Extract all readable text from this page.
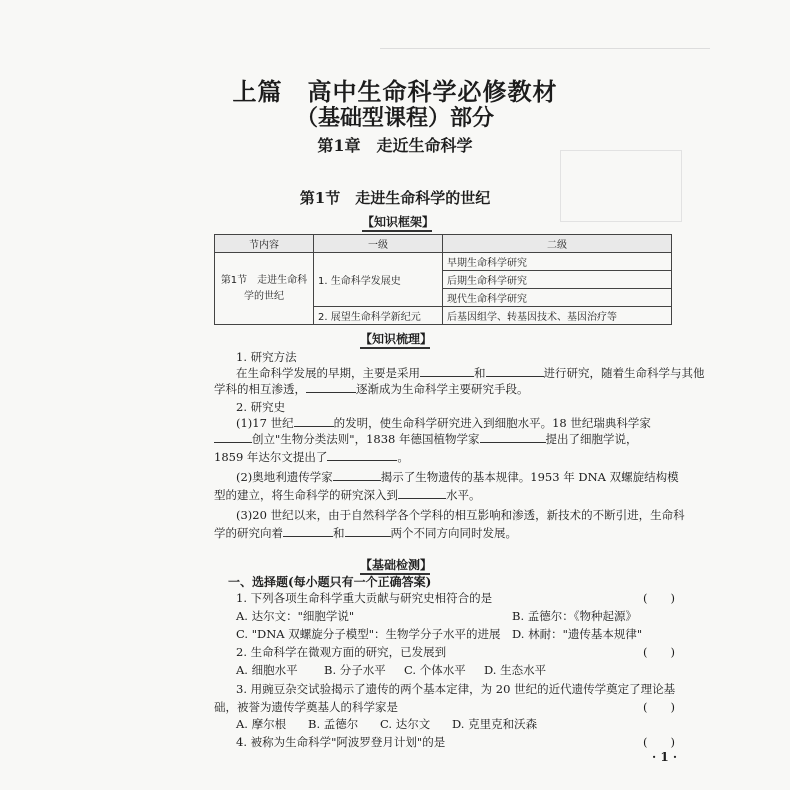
上篇　高中生命科学必修教材
（基础型课程）部分
第1章　走近生命科学
第1节　走进生命科学的世纪
【知识框架】
节内容	一级	二级
第1节　走进生命科学的世纪	1. 生命科学发展史	早期生命科学研究
		后期生命科学研究
		现代生命科学研究
	2. 展望生命科学新纪元	后基因组学、转基因技术、基因治疗等
【知识梳理】
1. 研究方法
在生命科学发展的早期，主要是采用	和	进行研究，随着生命科学与其他
学科的相互渗透，	逐渐成为生命科学主要研究手段。
2. 研究史
(1)17 世纪	的发明，使生命科学研究进入到细胞水平。18 世纪瑞典科学家
创立"生物分类法则"，1838 年德国植物学家	提出了细胞学说，
1859 年达尔文提出了	。
(2)奥地利遗传学家	揭示了生物遗传的基本规律。1953 年 DNA 双螺旋结构模
型的建立，将生命科学的研究深入到	水平。
(3)20 世纪以来，由于自然科学各个学科的相互影响和渗透，新技术的不断引进，生命科
学的研究向着	和	两个不同方向同时发展。
【基础检测】
一、选择题(每小题只有一个正确答案)
1. 下列各项生命科学重大贡献与研究史相符合的是	(　　)
A. 达尔文："细胞学说"	B. 孟德尔：《物种起源》
C. "DNA 双螺旋分子模型"：生物学分子水平的进展 D. 林耐："遗传基本规律"
2. 生命科学在微观方面的研究，已发展到	(　　)
A. 细胞水平 B. 分子水平 C. 个体水平 D. 生态水平
3. 用豌豆杂交试验揭示了遗传的两个基本定律，为 20 世纪的近代遗传学奠定了理论基
础，被誉为遗传学奠基人的科学家是	(　　)
A. 摩尔根 B. 孟德尔 C. 达尔文 D. 克里克和沃森
4. 被称为生命科学"阿波罗登月计划"的是	(　　)
· 1 ·
